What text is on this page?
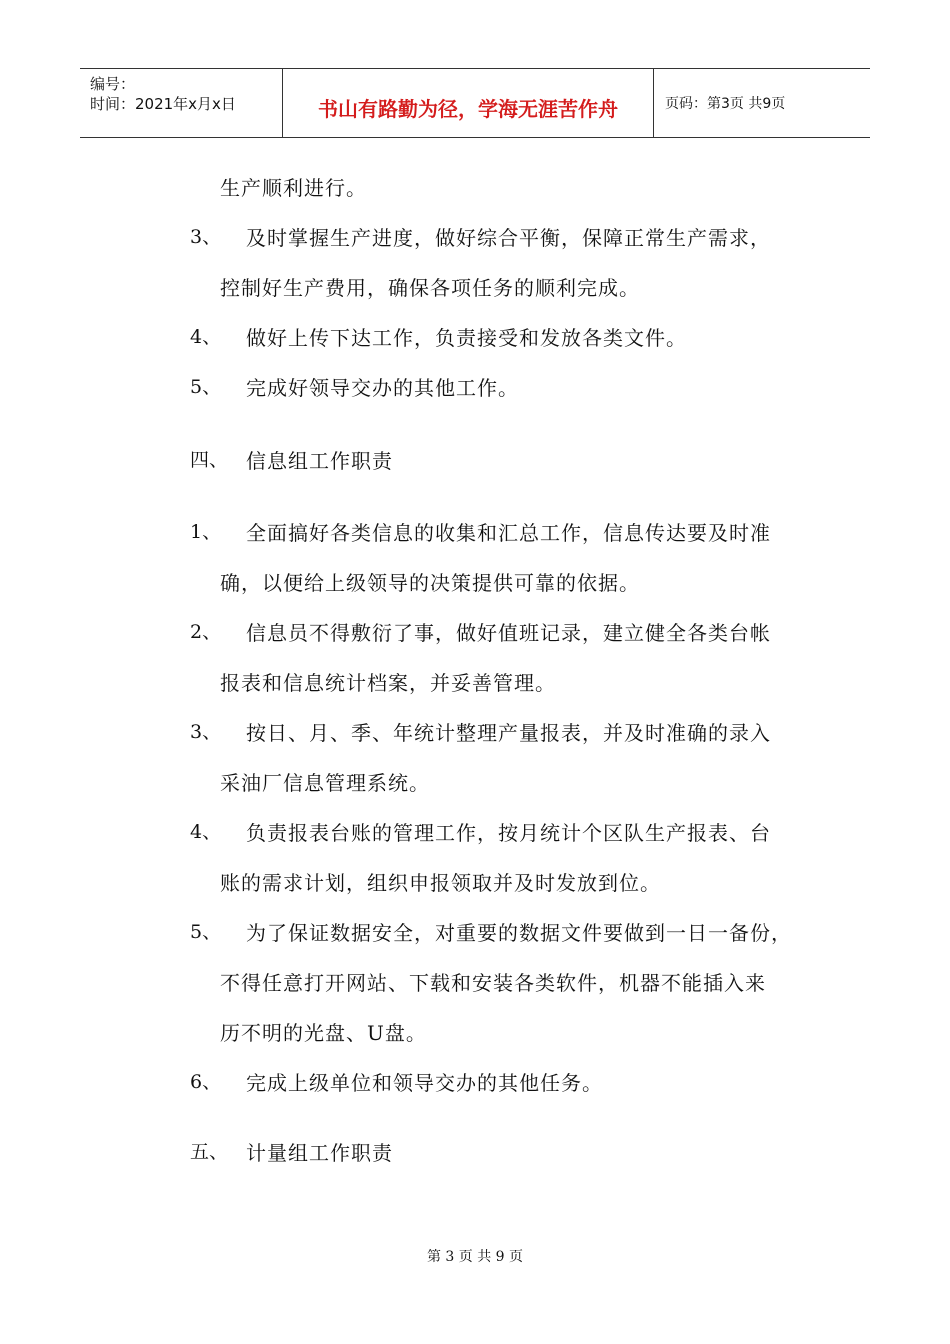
编号：
时间：2021年x月x日	书山有路勤为径，学海无涯苦作舟	页码：第3页 共9页
生产顺利进行。
3、 及时掌握生产进度，做好综合平衡，保障正常生产需求，
控制好生产费用，确保各项任务的顺利完成。
4、 做好上传下达工作，负责接受和发放各类文件。
5、 完成好领导交办的其他工作。
四、 信息组工作职责
1、 全面搞好各类信息的收集和汇总工作，信息传达要及时准
确，以便给上级领导的决策提供可靠的依据。
2、 信息员不得敷衍了事，做好值班记录，建立健全各类台帐
报表和信息统计档案，并妥善管理。
3、 按日、月、季、年统计整理产量报表，并及时准确的录入
采油厂信息管理系统。
4、 负责报表台账的管理工作，按月统计个区队生产报表、台
账的需求计划，组织申报领取并及时发放到位。
5、 为了保证数据安全，对重要的数据文件要做到一日一备份，
不得任意打开网站、下载和安装各类软件，机器不能插入来
历不明的光盘、U盘。
6、 完成上级单位和领导交办的其他任务。
五、 计量组工作职责
第 3 页 共 9 页
